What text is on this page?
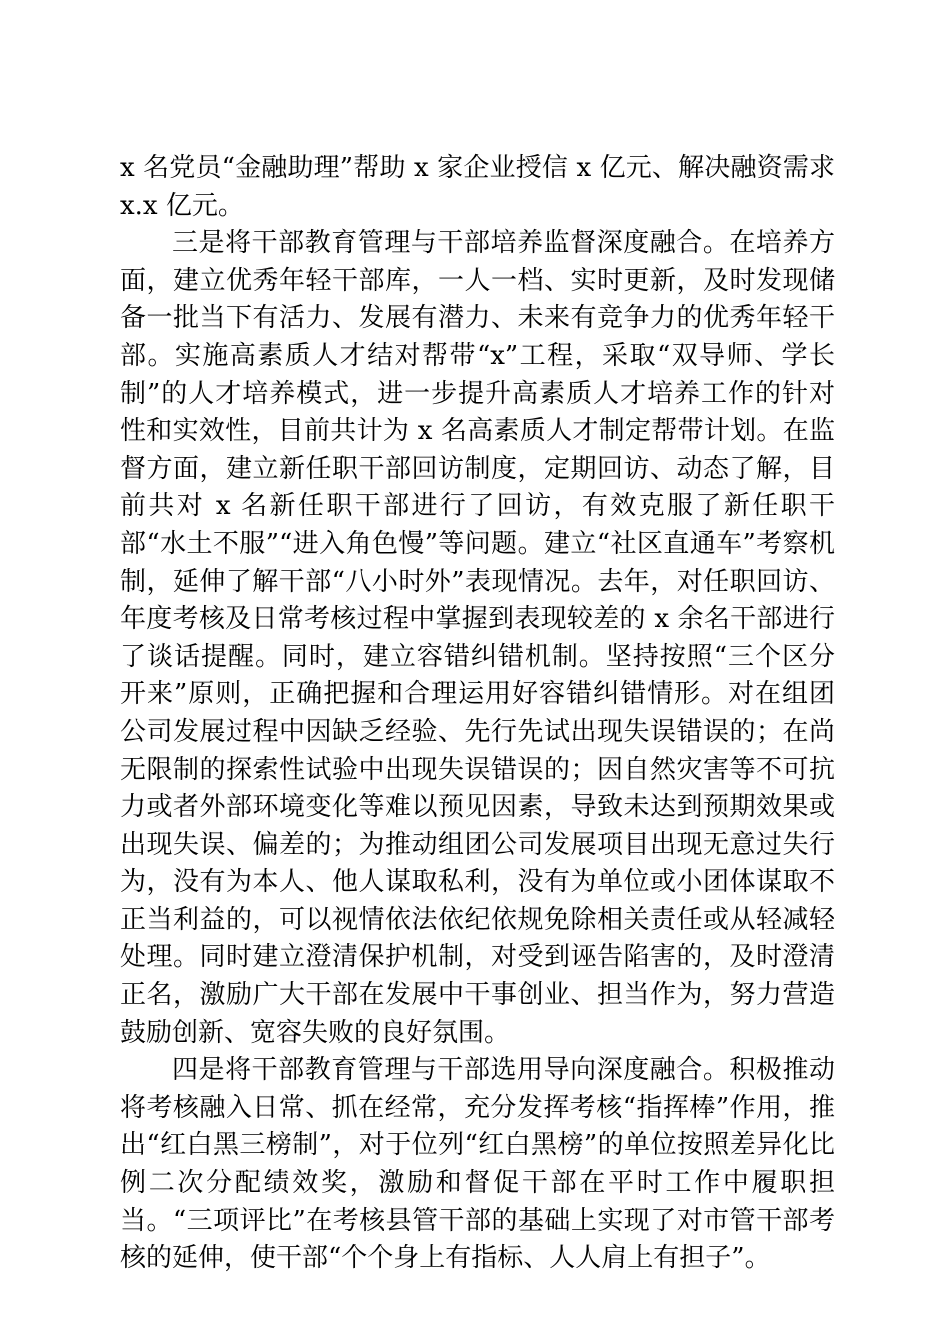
x 名党员“金融助理”帮助 x 家企业授信 x 亿元、解决融资需求 x.x 亿元。

三是将干部教育管理与干部培养监督深度融合。在培养方面，建立优秀年轻干部库，一人一档、实时更新，及时发现储备一批当下有活力、发展有潜力、未来有竞争力的优秀年轻干部。实施高素质人才结对帮带“x”工程，采取“双导师、学长制”的人才培养模式，进一步提升高素质人才培养工作的针对性和实效性，目前共计为 x 名高素质人才制定帮带计划。在监督方面，建立新任职干部回访制度，定期回访、动态了解，目前共对 x 名新任职干部进行了回访，有效克服了新任职干部“水土不服”“进入角色慢”等问题。建立“社区直通车”考察机制，延伸了解干部“八小时外”表现情况。去年，对任职回访、年度考核及日常考核过程中掌握到表现较差的 x 余名干部进行了谈话提醒。同时，建立容错纠错机制。坚持按照“三个区分开来”原则，正确把握和合理运用好容错纠错情形。对在组团公司发展过程中因缺乏经验、先行先试出现失误错误的；在尚无限制的探索性试验中出现失误错误的；因自然灾害等不可抗力或者外部环境变化等难以预见因素，导致未达到预期效果或出现失误、偏差的；为推动组团公司发展项目出现无意过失行为，没有为本人、他人谋取私利，没有为单位或小团体谋取不正当利益的，可以视情依法依纪依规免除相关责任或从轻减轻处理。同时建立澄清保护机制，对受到诬告陷害的，及时澄清正名，激励广大干部在发展中干事创业、担当作为，努力营造鼓励创新、宽容失败的良好氛围。

四是将干部教育管理与干部选用导向深度融合。积极推动将考核融入日常、抓在经常，充分发挥考核“指挥棒”作用，推出“红白黑三榜制”，对于位列“红白黑榜”的单位按照差异化比例二次分配绩效奖，激励和督促干部在平时工作中履职担当。“三项评比”在考核县管干部的基础上实现了对市管干部考核的延伸，使干部“个个身上有指标、人人肩上有担子”。
